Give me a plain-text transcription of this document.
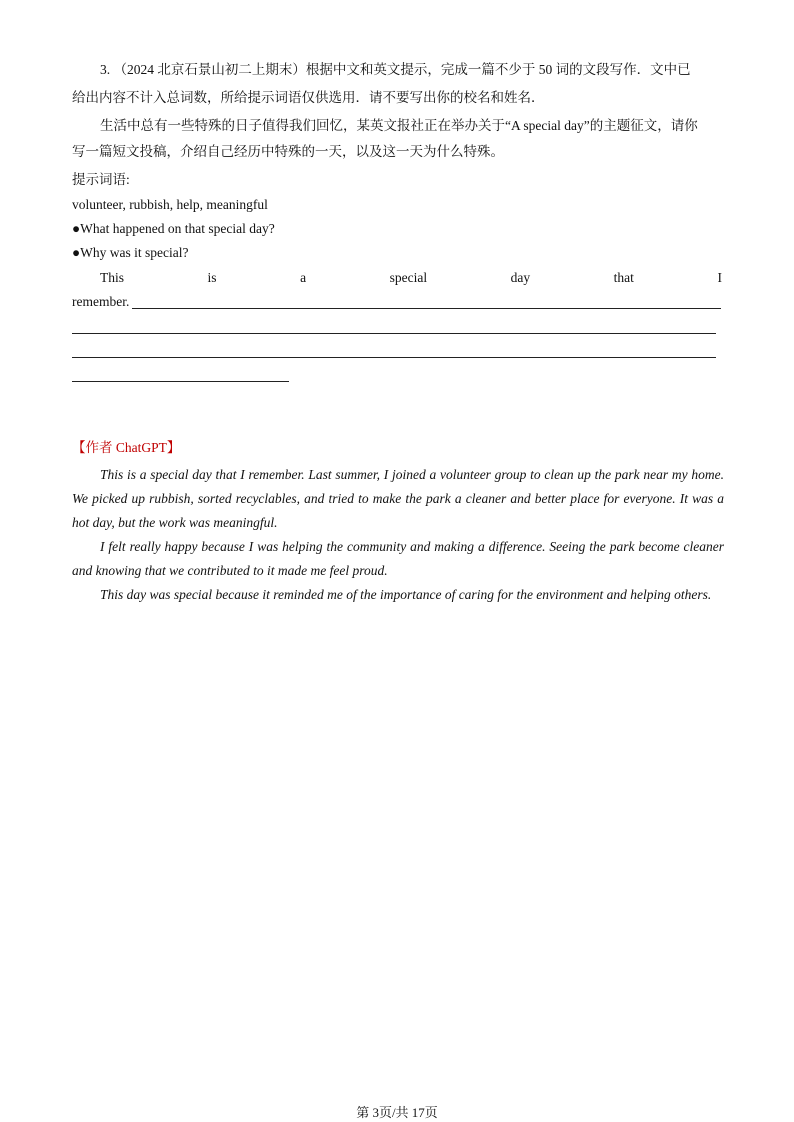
3. （2024 北京石景山初二上期末）根据中文和英文提示，完成一篇不少于 50 词的文段写作．文中已
给出内容不计入总词数，所给提示词语仅供选用．请不要写出你的校名和姓名．
生活中总有一些特殊的日子值得我们回忆，某英文报社正在举办关于“A special day”的主题征文，请你
写一篇短文投稿，介绍自己经历中特殊的一天，以及这一天为什么特殊。
提示词语:
volunteer, rubbish, help, meaningful
●What happened on that special day?
●Why was it special?
This	is	a	special	day	that	I
remember.
【作者 ChatGPT】
This is a special day that I remember. Last summer, I joined a volunteer group to clean up the park near my home. We picked up rubbish, sorted recyclables, and tried to make the park a cleaner and better place for everyone. It was a hot day, but the work was meaningful.
I felt really happy because I was helping the community and making a difference. Seeing the park become cleaner and knowing that we contributed to it made me feel proud.
This day was special because it reminded me of the importance of caring for the environment and helping others.
第 3页/共 17页
